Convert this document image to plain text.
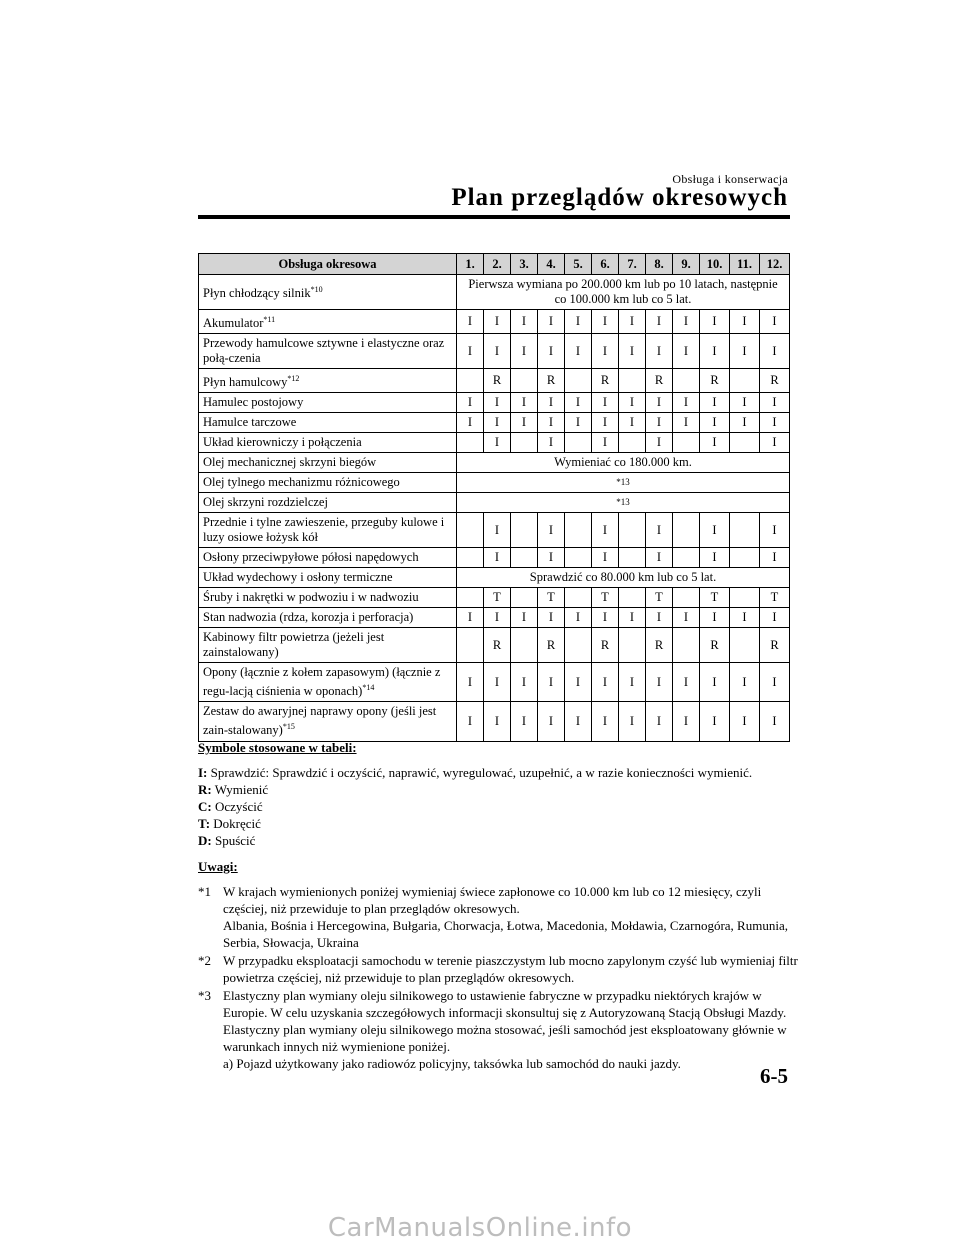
Obsługa i konserwacja
Plan przeglądów okresowych
Obsługa okresowa	1.	2.	3.	4.	5.	6.	7.	8.	9.	10.	11.	12.
Płyn chłodzący silnik$^{*10}$	Pierwsza wymiana po 200.000 km lub po 10 latach, następnie co 100.000 km lub co 5 lat.											
Akumulator$^{*11}$	I	I	I	I	I	I	I	I	I	I	I	I
Przewody hamulcowe sztywne i elastyczne oraz połą-czenia	I	I	I	I	I	I	I	I	I	I	I	I
Płyn hamulcowy$^{*12}$		R		R		R		R		R		R
Hamulec postojowy	I	I	I	I	I	I	I	I	I	I	I	I
Hamulce tarczowe	I	I	I	I	I	I	I	I	I	I	I	I
Układ kierowniczy i połączenia		I		I		I		I		I		I
Olej mechanicznej skrzyni biegów	Wymieniać co 180.000 km.											
Olej tylnego mechanizmu różnicowego	*13											
Olej skrzyni rozdzielczej	*13											
Przednie i tylne zawieszenie, przeguby kulowe i luzy osiowe łożysk kół		I		I		I		I		I		I
Osłony przeciwpyłowe półosi napędowych		I		I		I		I		I		I
Układ wydechowy i osłony termiczne	Sprawdzić co 80.000 km lub co 5 lat.											
Śruby i nakrętki w podwoziu i w nadwoziu		T		T		T		T		T		T
Stan nadwozia (rdza, korozja i perforacja)	I	I	I	I	I	I	I	I	I	I	I	I
Kabinowy filtr powietrza (jeżeli jest zainstalowany)		R		R		R		R		R		R
Opony (łącznie z kołem zapasowym) (łącznie z regu-lacją ciśnienia w oponach)$^{*14}$	I	I	I	I	I	I	I	I	I	I	I	I
Zestaw do awaryjnej naprawy opony (jeśli jest zain-stalowany)$^{*15}$	I	I	I	I	I	I	I	I	I	I	I	I
Symbole stosowane w tabeli:
I: Sprawdzić: Sprawdzić i oczyścić, naprawić, wyregulować, uzupełnić, a w razie konieczności wymienić.
R: Wymienić
C: Oczyścić
T: Dokręcić
D: Spuścić
Uwagi:
*1 W krajach wymienionych poniżej wymieniaj świece zapłonowe co 10.000 km lub co 12 miesięcy, czyli częściej, niż przewiduje to plan przeglądów okresowych.

Albania, Bośnia i Hercegowina, Bułgaria, Chorwacja, Łotwa, Macedonia, Mołdawia, Czarnogóra, Rumunia, Serbia, Słowacja, Ukraina

*2 W przypadku eksploatacji samochodu w terenie piaszczystym lub mocno zapylonym czyść lub wymieniaj filtr powietrza częściej, niż przewiduje to plan przeglądów okresowych.

*3 Elastyczny plan wymiany oleju silnikowego to ustawienie fabryczne w przypadku niektórych krajów w Europie. W celu uzyskania szczegółowych informacji skonsultuj się z Autoryzowaną Stacją Obsługi Mazdy.

Elastyczny plan wymiany oleju silnikowego można stosować, jeśli samochód jest eksploatowany głównie w warunkach innych niż wymienione poniżej.

a) Pojazd użytkowany jako radiowóz policyjny, taksówka lub samochód do nauki jazdy.

6-5
CarManualsOnline.info
